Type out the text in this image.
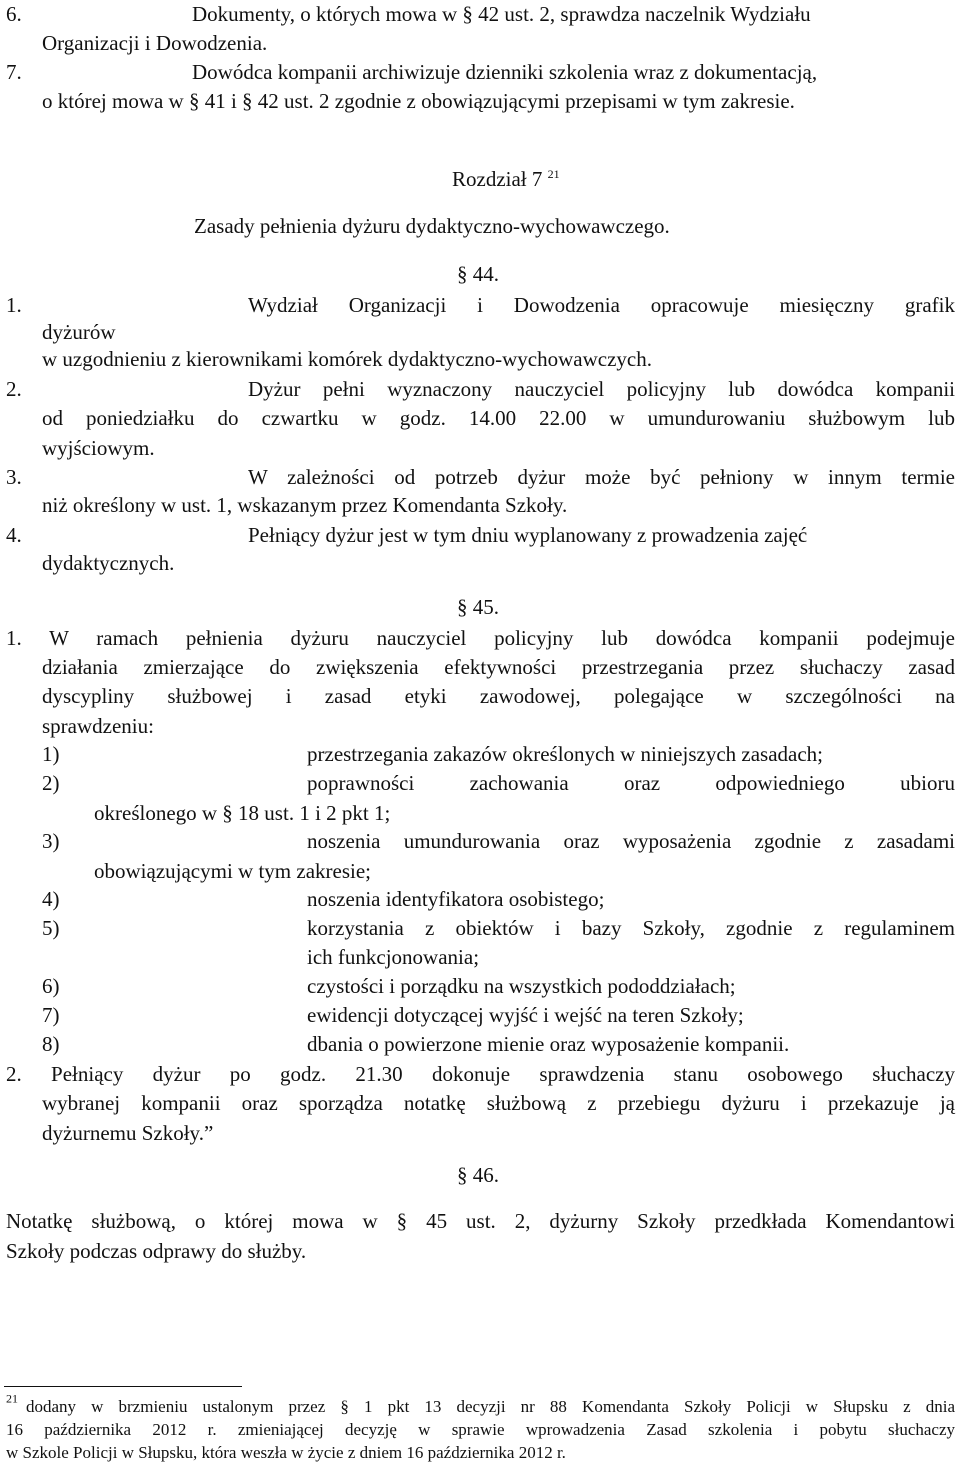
6.	Dokumenty, o których mowa w § 42 ust. 2, sprawdza naczelnik Wydziału
Organizacji i Dowodzenia.
7.	Dowódca kompanii archiwizuje dzienniki szkolenia wraz z dokumentacją,
o której mowa w § 41 i § 42 ust. 2 zgodnie z obowiązującymi przepisami w tym zakresie.
Rozdział 7 $^{21}$
Zasady pełnienia dyżuru dydaktyczno-wychowawczego.
§ 44.
1.	Wydział Organizacji i Dowodzenia opracowuje miesięczny grafik
dyżurów
w uzgodnieniu z kierownikami komórek dydaktyczno-wychowawczych.
2.	Dyżur pełni wyznaczony nauczyciel policyjny lub dowódca kompanii
od poniedziałku do czwartku w godz. 14.00 22.00 w umundurowaniu służbowym lub
wyjściowym.
3.	W zależności od potrzeb dyżur może być pełniony w innym termie
niż określony w ust. 1, wskazanym przez Komendanta Szkoły.
4.	Pełniący dyżur jest w tym dniu wyplanowany z prowadzenia zajęć
dydaktycznych.
§ 45.
1. W ramach pełnienia dyżuru nauczyciel policyjny lub dowódca kompanii podejmuje
działania zmierzające do zwiększenia efektywności przestrzegania przez słuchaczy zasad
dyscypliny służbowej i zasad etyki zawodowej, polegające w szczególności na
sprawdzeniu:
1)	przestrzegania zakazów określonych w niniejszych zasadach;
2)	poprawności zachowania oraz odpowiedniego ubioru
określonego w § 18 ust. 1 i 2 pkt 1;
3)	noszenia umundurowania oraz wyposażenia zgodnie z zasadami
obowiązującymi w tym zakresie;
4)	noszenia identyfikatora osobistego;
5)	korzystania z obiektów i bazy Szkoły, zgodnie z regulaminem
ich funkcjonowania;
6)	czystości i porządku na wszystkich pododdziałach;
7)	ewidencji dotyczącej wyjść i wejść na teren Szkoły;
8)	dbania o powierzone mienie oraz wyposażenie kompanii.
2. Pełniący dyżur po godz. 21.30 dokonuje sprawdzenia stanu osobowego słuchaczy
wybranej kompanii oraz sporządza notatkę służbową z przebiegu dyżuru i przekazuje ją
dyżurnemu Szkoły.”
§ 46.
Notatkę służbową, o której mowa w § 45 ust. 2, dyżurny Szkoły przedkłada Komendantowi
Szkoły podczas odprawy do służby.
$^{21}$ dodany w brzmieniu ustalonym przez § 1 pkt 13 decyzji nr 88 Komendanta Szkoły Policji w Słupsku z dnia
16 października 2012 r. zmieniającej decyzję w sprawie wprowadzenia Zasad szkolenia i pobytu słuchaczy
w Szkole Policji w Słupsku, która weszła w życie z dniem 16 października 2012 r.
